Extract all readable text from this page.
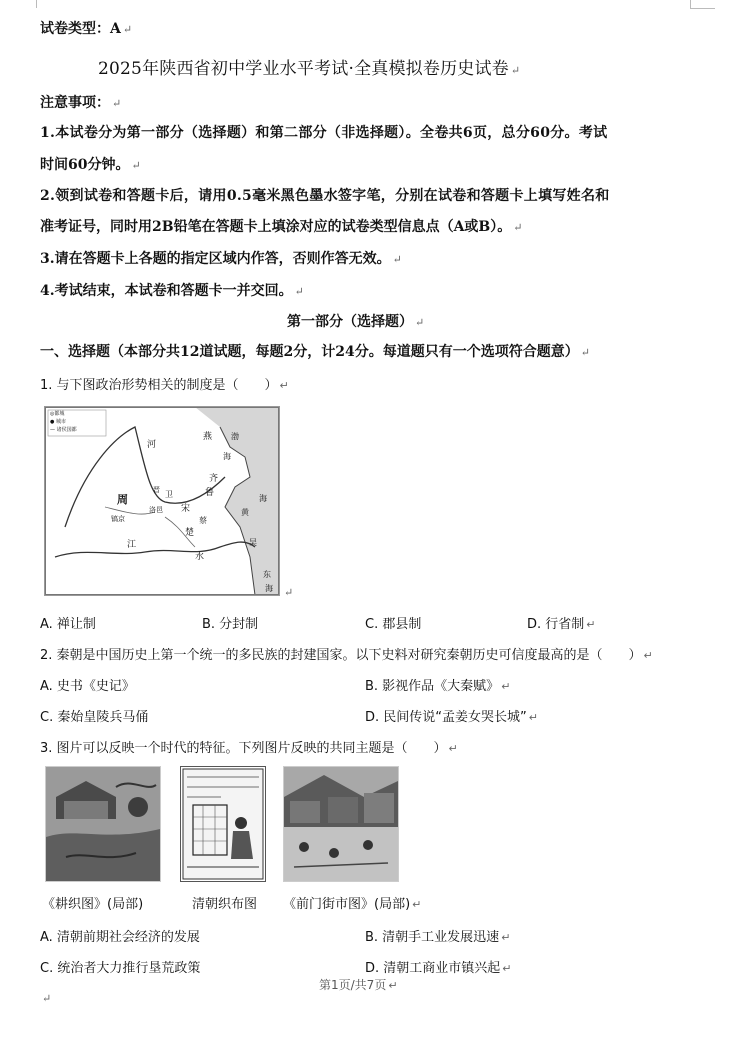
试卷类型：A ↵
2025年陕西省初中学业水平考试·全真模拟卷历史试卷 ↵
注意事项： ↵
1.本试卷分为第一部分（选择题）和第二部分（非选择题）。全卷共6页，总分60分。考试
时间60分钟。 ↵
2.领到试卷和答题卡后，请用0.5毫米黑色墨水签字笔，分别在试卷和答题卡上填写姓名和
准考证号，同时用2B铅笔在答题卡上填涂对应的试卷类型信息点（A或B）。 ↵
3.请在答题卡上各题的指定区域内作答，否则作答无效。 ↵
4.考试结束，本试卷和答题卡一并交回。 ↵
第一部分（选择题） ↵
一、选择题（本部分共12道试题，每题2分，计24分。每道题只有一个选项符合题意） ↵
1. 与下图政治形势相关的制度是（　　） ↵
◎都城
● 城市
— 诸侯国都
燕 渤
海
河
齐
鲁
晋 卫
宋
周
镐京
洛邑	黄
海
楚
蔡
吴
江
水
东
海 ↵
A. 禅让制	B. 分封制	C. 郡县制	D. 行省制 ↵
2. 秦朝是中国历史上第一个统一的多民族的封建国家。以下史料对研究秦朝历史可信度最高的是（　　） ↵
A. 史书《史记》	B. 影视作品《大秦赋》 ↵
C. 秦始皇陵兵马俑	D. 民间传说“孟姜女哭长城” ↵
3. 图片可以反映一个时代的特征。下列图片反映的共同主题是（　　） ↵
《耕织图》(局部)	清朝织布图 《前门街市图》(局部) ↵
A. 清朝前期社会经济的发展	B. 清朝手工业发展迅速 ↵
C. 统治者大力推行垦荒政策	D. 清朝工商业市镇兴起 ↵
第1页/共7页 ↵
↵
